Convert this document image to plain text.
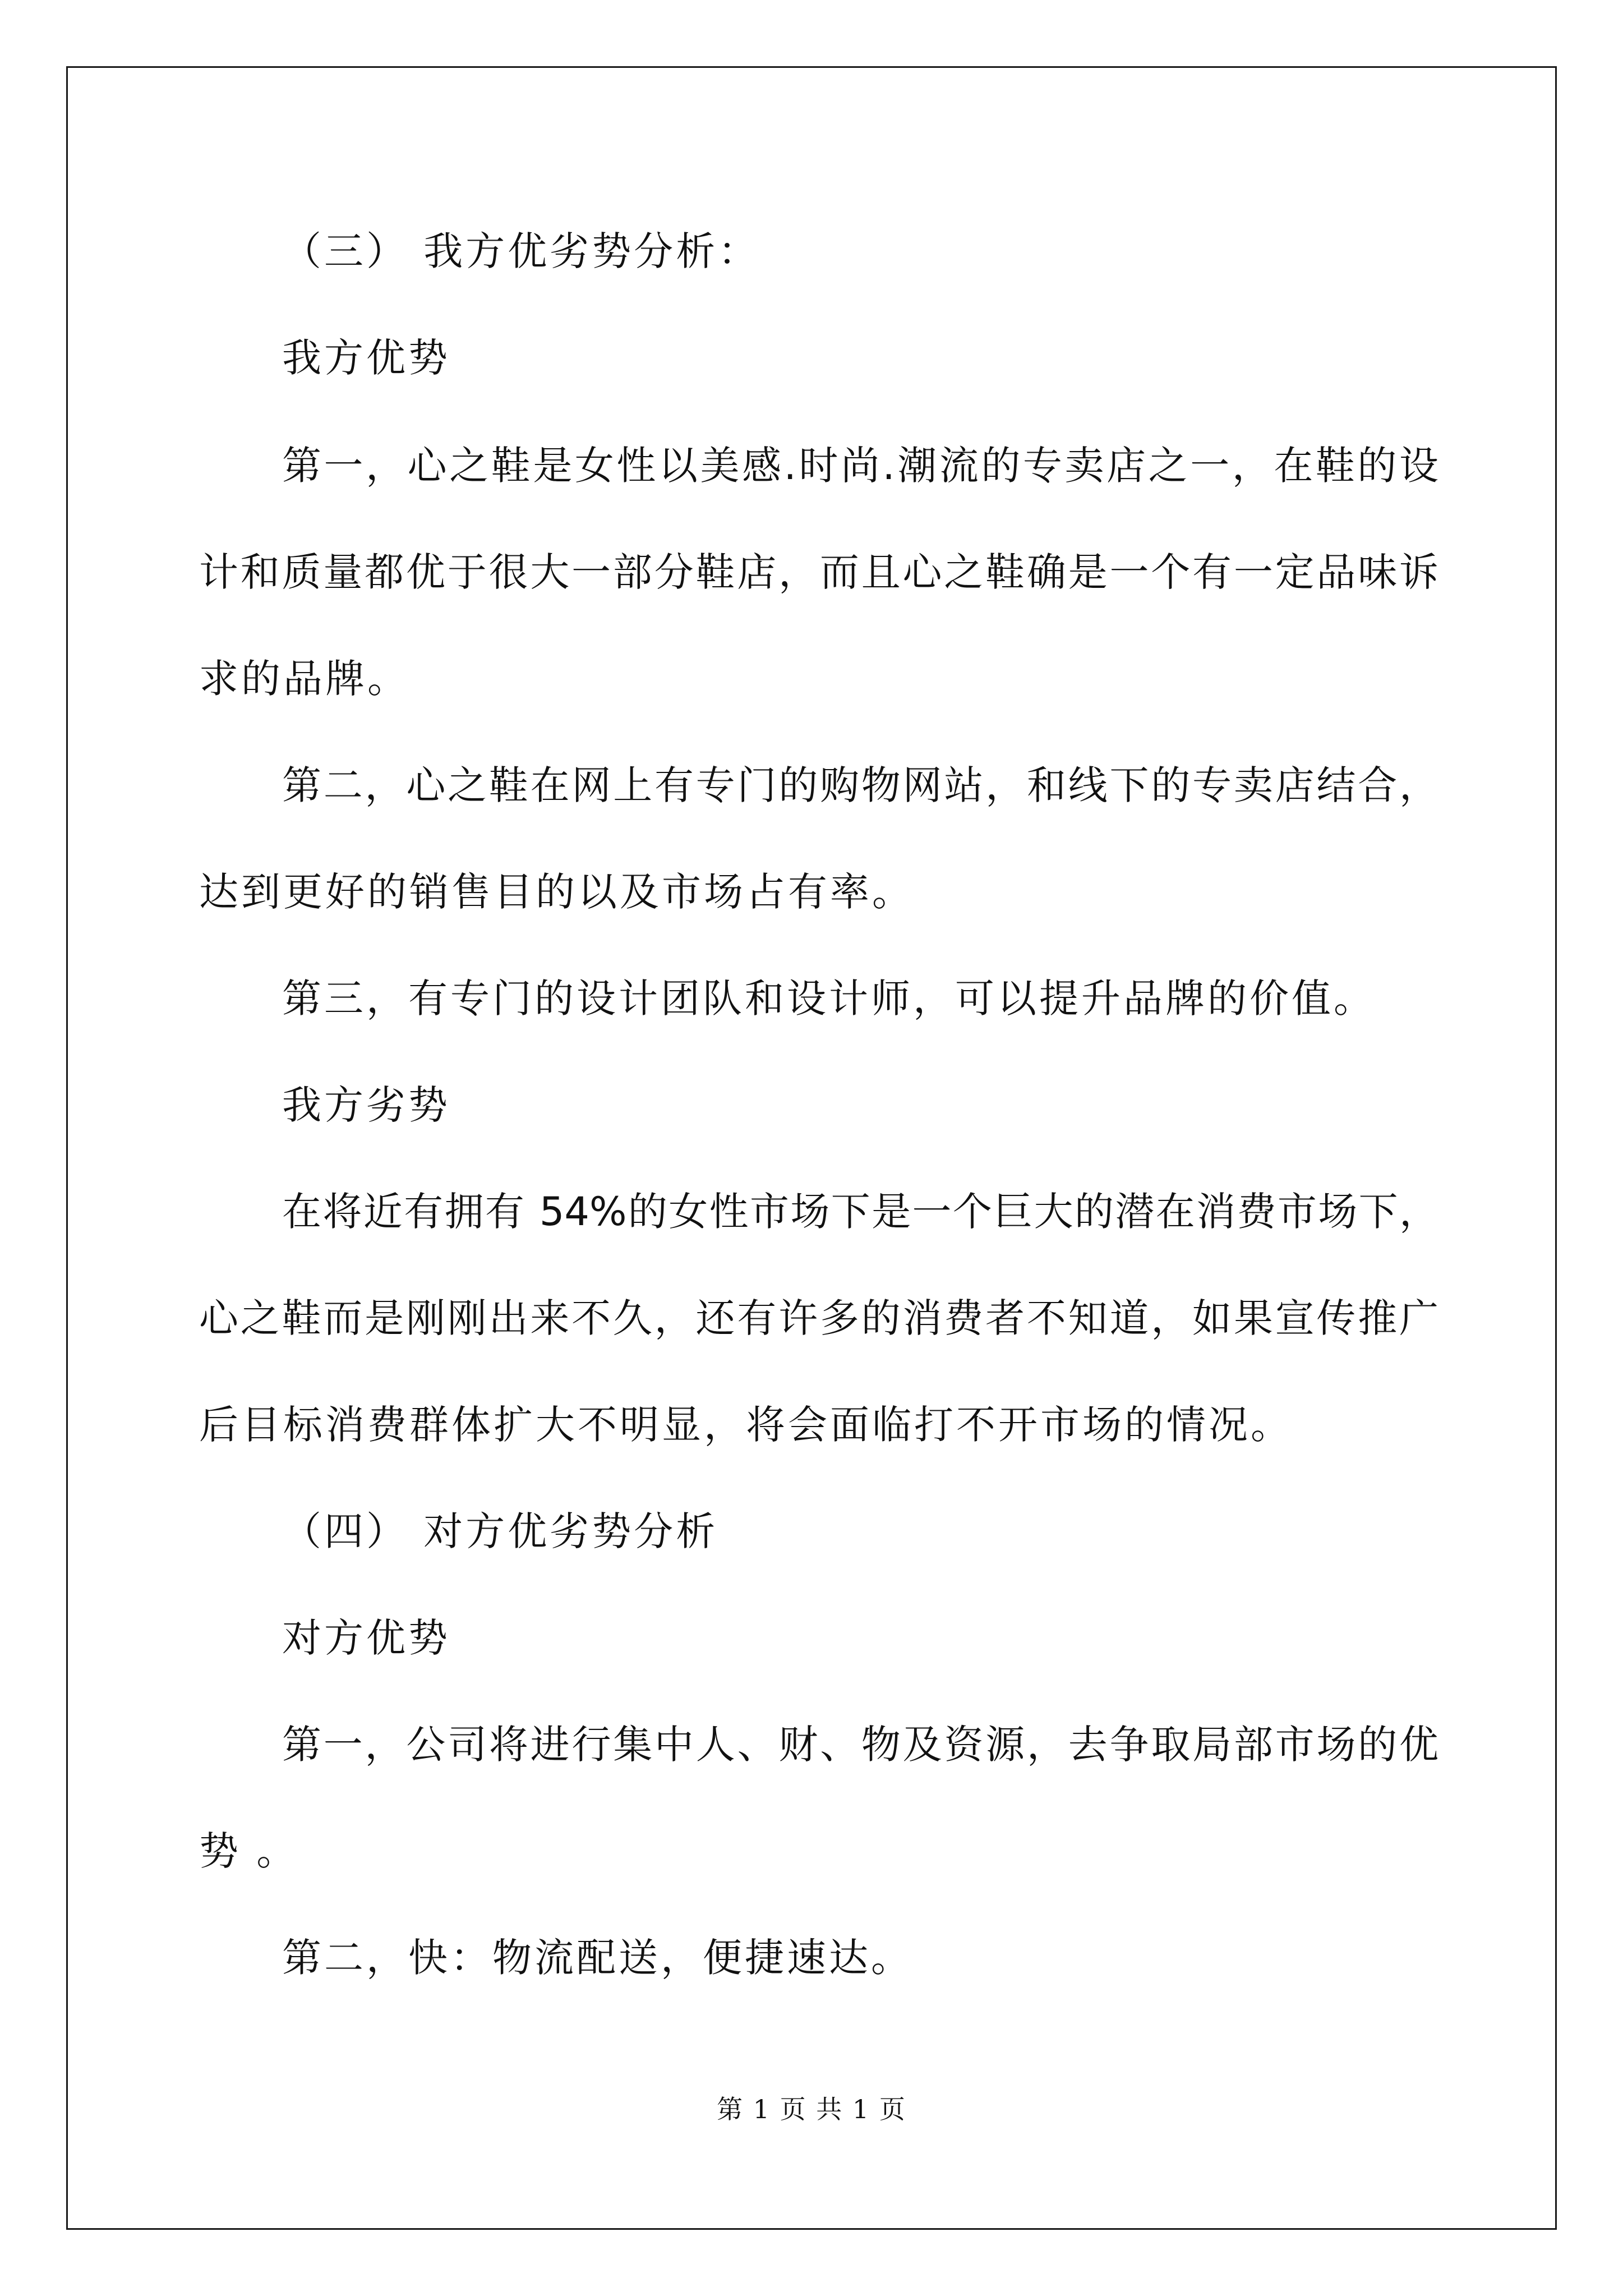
（三） 我方优劣势分析：
我方优势
第一，心之鞋是女性以美感.时尚.潮流的专卖店之一，在鞋的设
计和质量都优于很大一部分鞋店，而且心之鞋确是一个有一定品味诉
求的品牌。
第二，心之鞋在网上有专门的购物网站，和线下的专卖店结合，
达到更好的销售目的以及市场占有率。
第三，有专门的设计团队和设计师，可以提升品牌的价值。
我方劣势
在将近有拥有 54%的女性市场下是一个巨大的潜在消费市场下，
心之鞋而是刚刚出来不久，还有许多的消费者不知道，如果宣传推广
后目标消费群体扩大不明显，将会面临打不开市场的情况。
（四） 对方优劣势分析
对方优势
第一，公司将进行集中人、财、物及资源，去争取局部市场的优
势 。
第二，快：物流配送，便捷速达。
第 1 页 共 1 页
